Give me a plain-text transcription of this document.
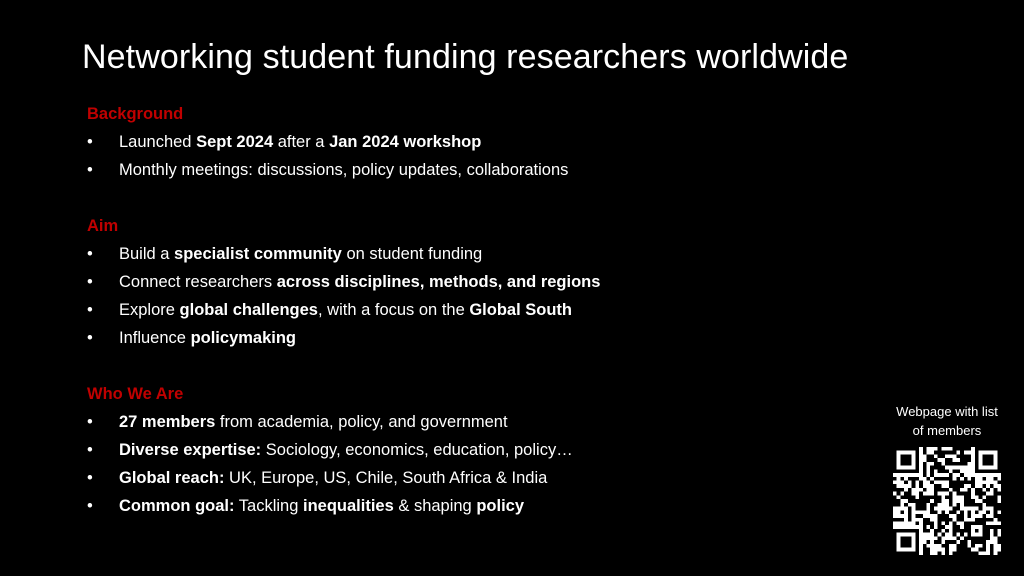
Networking student funding researchers worldwide
Background
• Launched Sept 2024 after a Jan 2024 workshop
• Monthly meetings: discussions, policy updates, collaborations
Aim
• Build a specialist community on student funding
• Connect researchers across disciplines, methods, and regions
• Explore global challenges, with a focus on the Global South
• Influence policymaking
Who We Are
• 27 members from academia, policy, and government
• Diverse expertise: Sociology, economics, education, policy…
• Global reach: UK, Europe, US, Chile, South Africa & India
• Common goal: Tackling inequalities & shaping policy
Webpage with list
of members
